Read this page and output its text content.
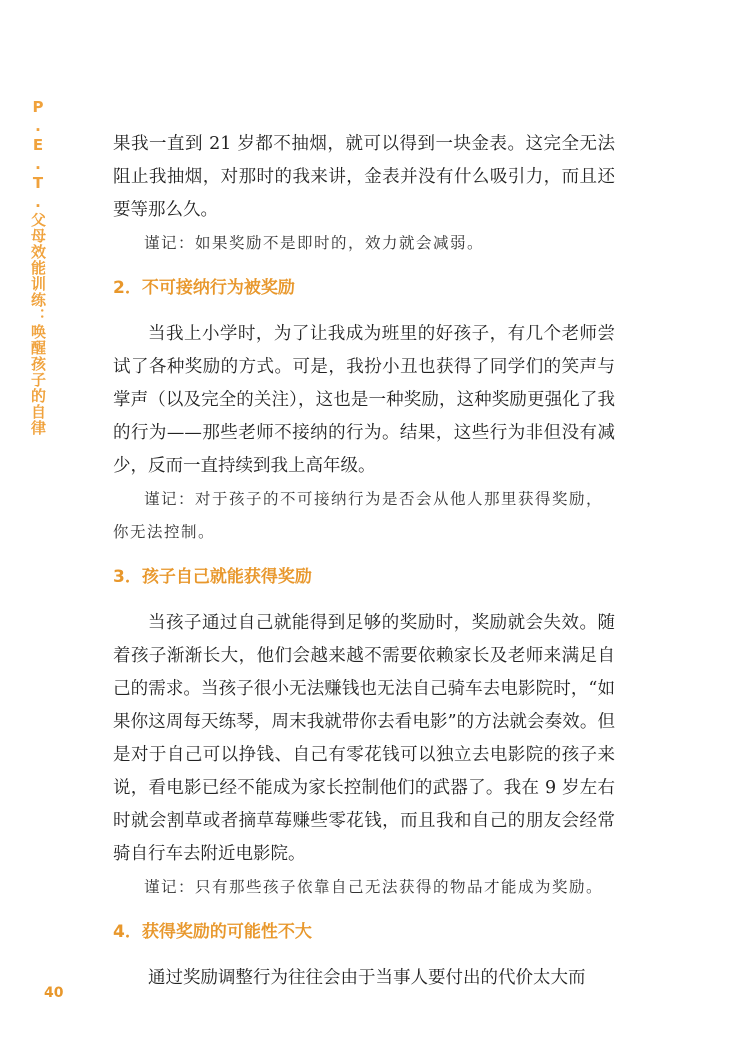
P.E.T.父母效能训练：唤醒孩子的自律	果我一直到 21 岁都不抽烟，就可以得到一块金表。这完全无法阻止我抽烟，对那时的我来讲，金表并没有什么吸引力，而且还要等那么久。

谨记：如果奖励不是即时的，效力就会减弱。

2．不可接纳行为被奖励

当我上小学时，为了让我成为班里的好孩子，有几个老师尝试了各种奖励的方式。可是，我扮小丑也获得了同学们的笑声与掌声（以及完全的关注），这也是一种奖励，这种奖励更强化了我的行为——那些老师不接纳的行为。结果，这些行为非但没有减少，反而一直持续到我上高年级。

谨记：对于孩子的不可接纳行为是否会从他人那里获得奖励，你无法控制。

3．孩子自己就能获得奖励

当孩子通过自己就能得到足够的奖励时，奖励就会失效。随着孩子渐渐长大，他们会越来越不需要依赖家长及老师来满足自己的需求。当孩子很小无法赚钱也无法自己骑车去电影院时，“如果你这周每天练琴，周末我就带你去看电影”的方法就会奏效。但是对于自己可以挣钱、自己有零花钱可以独立去电影院的孩子来说，看电影已经不能成为家长控制他们的武器了。我在 9 岁左右时就会割草或者摘草莓赚些零花钱，而且我和自己的朋友会经常骑自行车去附近电影院。

谨记：只有那些孩子依靠自己无法获得的物品才能成为奖励。

4．获得奖励的可能性不大

通过奖励调整行为往往会由于当事人要付出的代价太大而

40
